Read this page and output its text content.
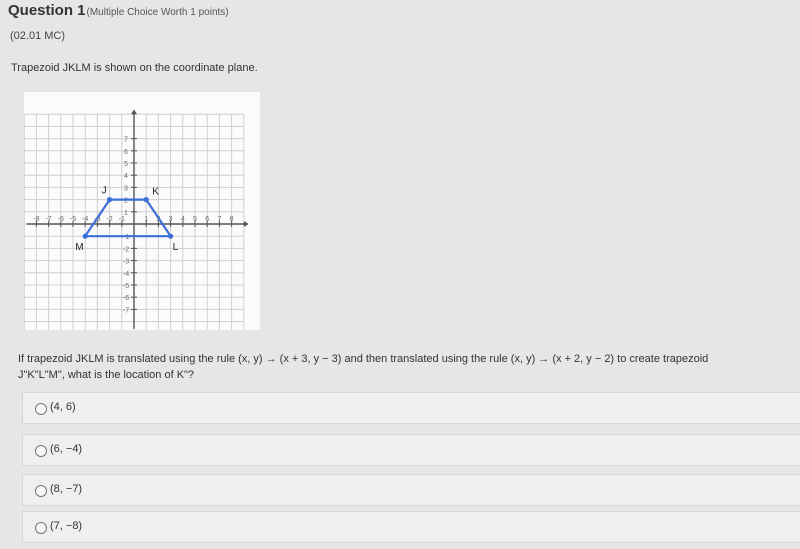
Question 1(Multiple Choice Worth 1 points)
(02.01 MC)
Trapezoid JKLM is shown on the coordinate plane.
-8 -7 -6 -5 -4 -3 -2 -1	1 2 3 4 5 6 7 8
7
6
5
4
3
2
1
-1
-2
-3
-4
-5
-6
-7
J	K
L
M
If trapezoid JKLM is translated using the rule (x, y) → (x + 3, y − 3) and then translated using the rule (x, y) → (x + 2, y − 2) to create trapezoid
J"K"L"M", what is the location of K"?
(4, 6)
(6, −4)
(8, −7)
(7, −8)
